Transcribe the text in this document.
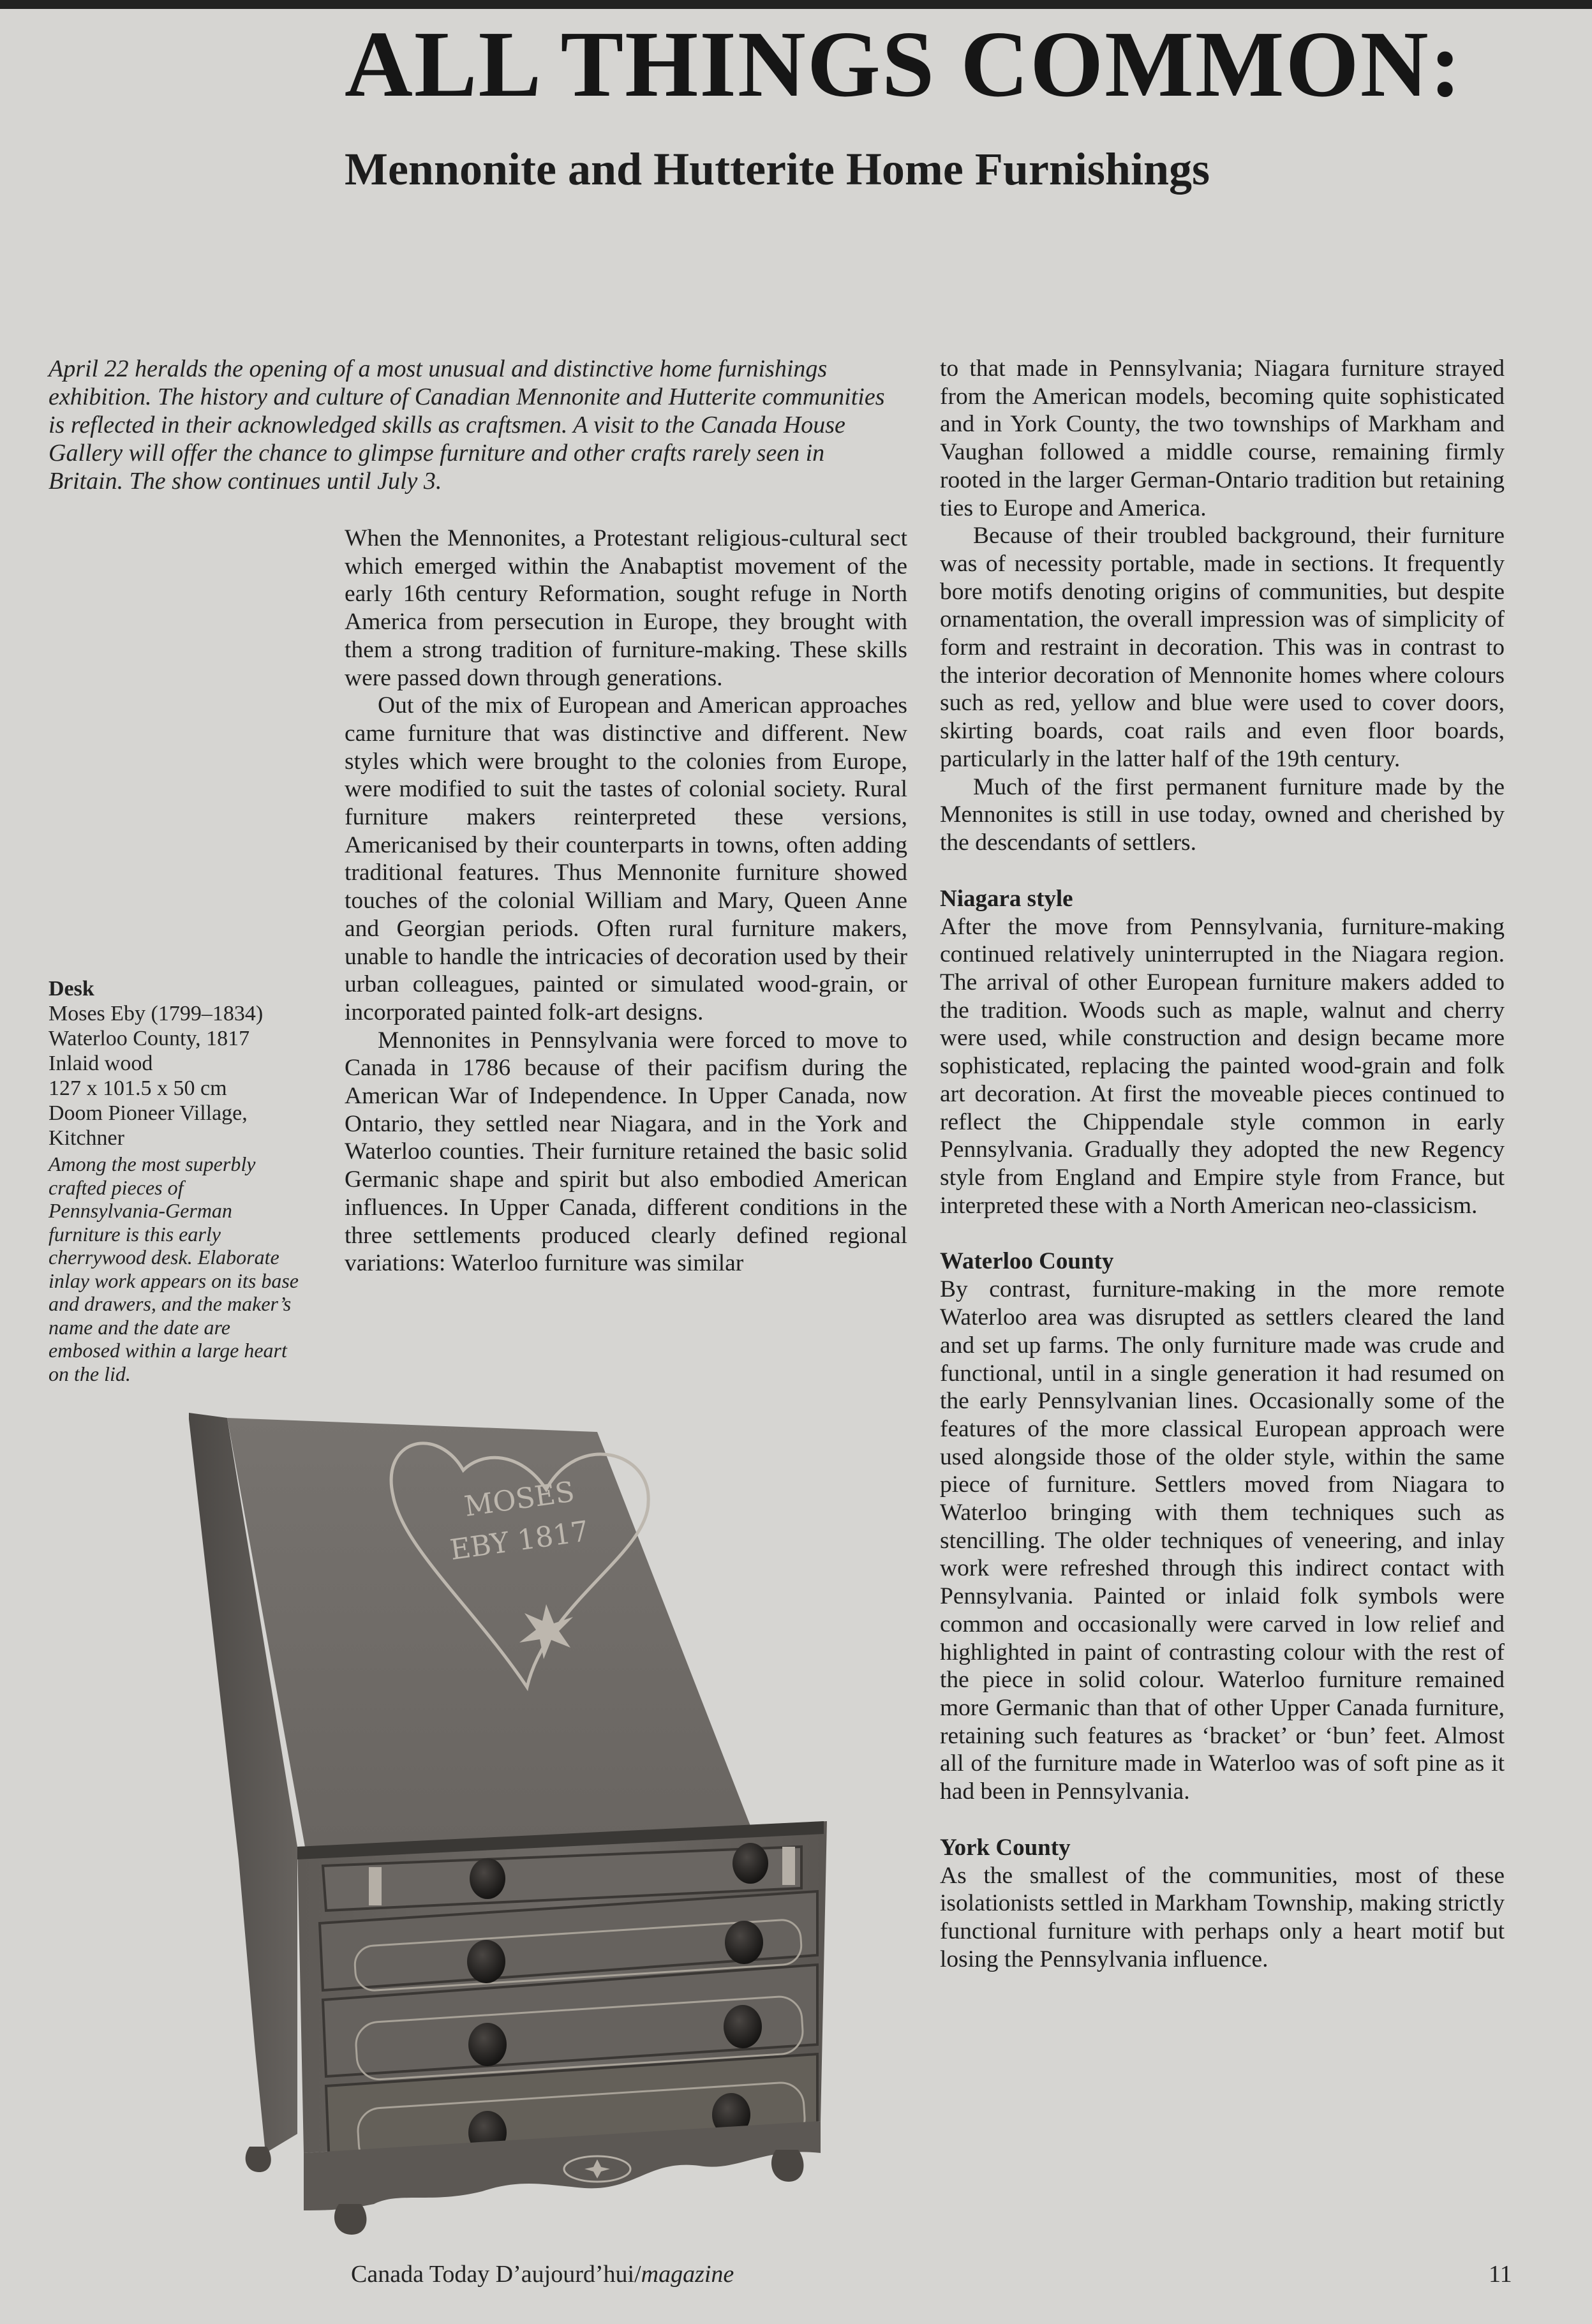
ALL THINGS COMMON:
Mennonite and Hutterite Home Furnishings
April 22 heralds the opening of a most unusual and distinctive home furnishings exhibition. The history and culture of Canadian Mennonite and Hutterite communities is reflected in their acknowledged skills as craftsmen. A visit to the Canada House Gallery will offer the chance to glimpse furniture and other crafts rarely seen in Britain. The show continues until July 3.

When the Mennonites, a Protestant religious-cultural sect which emerged within the Anabaptist movement of the early 16th century Reformation, sought refuge in North America from persecution in Europe, they brought with them a strong tradition of furniture-making. These skills were passed down through generations.

Out of the mix of European and American approaches came furniture that was distinctive and different. New styles which were brought to the colonies from Europe, were modified to suit the tastes of colonial society. Rural furniture makers reinterpreted these versions, Americanised by their counterparts in towns, often adding traditional features. Thus Mennonite furniture showed touches of the colonial William and Mary, Queen Anne and Georgian periods. Often rural furniture makers, unable to handle the intricacies of decoration used by their urban colleagues, painted or simulated wood-grain, or incorporated painted folk-art designs.

Mennonites in Pennsylvania were forced to move to Canada in 1786 because of their pacifism during the American War of Independence. In Upper Canada, now Ontario, they settled near Niagara, and in the York and Waterloo counties. Their furniture retained the basic solid Germanic shape and spirit but also embodied American influences. In Upper Canada, different conditions in the three settlements produced clearly defined regional variations: Waterloo furniture was similar

to that made in Pennsylvania; Niagara furniture strayed from the American models, becoming quite sophisticated and in York County, the two townships of Markham and Vaughan followed a middle course, remaining firmly rooted in the larger German-Ontario tradition but retaining ties to Europe and America.

Because of their troubled background, their furniture was of necessity portable, made in sections. It frequently bore motifs denoting origins of communities, but despite ornamentation, the overall impression was of simplicity of form and restraint in decoration. This was in contrast to the interior decoration of Mennonite homes where colours such as red, yellow and blue were used to cover doors, skirting boards, coat rails and even floor boards, particularly in the latter half of the 19th century.

Much of the first permanent furniture made by the Mennonites is still in use today, owned and cherished by the descendants of settlers.

Niagara style

After the move from Pennsylvania, furniture-making continued relatively uninterrupted in the Niagara region. The arrival of other European furniture makers added to the tradition. Woods such as maple, walnut and cherry were used, while construction and design became more sophisticated, replacing the painted wood-grain and folk art decoration. At first the moveable pieces continued to reflect the Chippendale style common in early Pennsylvania. Gradually they adopted the new Regency style from England and Empire style from France, but interpreted these with a North American neo-classicism.

Waterloo County

By contrast, furniture-making in the more remote Waterloo area was disrupted as settlers cleared the land and set up farms. The only furniture made was crude and functional, until in a single generation it had resumed on the early Pennsylvanian lines. Occasionally some of the features of the more classical European approach were used alongside those of the older style, within the same piece of furniture. Settlers moved from Niagara to Waterloo bringing with them techniques such as stencilling. The older techniques of veneering, and inlay work were refreshed through this indirect contact with Pennsylvania. Painted or inlaid folk symbols were common and occasionally were carved in low relief and highlighted in paint of contrasting colour with the rest of the piece in solid colour. Waterloo furniture remained more Germanic than that of other Upper Canada furniture, retaining such features as ‘bracket’ or ‘bun’ feet. Almost all of the furniture made in Waterloo was of soft pine as it had been in Pennsylvania.

York County

As the smallest of the communities, most of these isolationists settled in Markham Township, making strictly functional furniture with perhaps only a heart motif but losing the Pennsylvania influence.

Desk
Moses Eby (1799–1834)
Waterloo County, 1817
Inlaid wood
127 x 101.5 x 50 cm
Doom Pioneer Village,
Kitchner
Among the most superbly crafted pieces of Pennsylvania-German furniture is this early cherrywood desk. Elaborate inlay work appears on its base and drawers, and the maker’s name and the date are embosed within a large heart on the lid.
MOSES
EBY 1817
Canada Today D’aujourd’hui/magazine	11
